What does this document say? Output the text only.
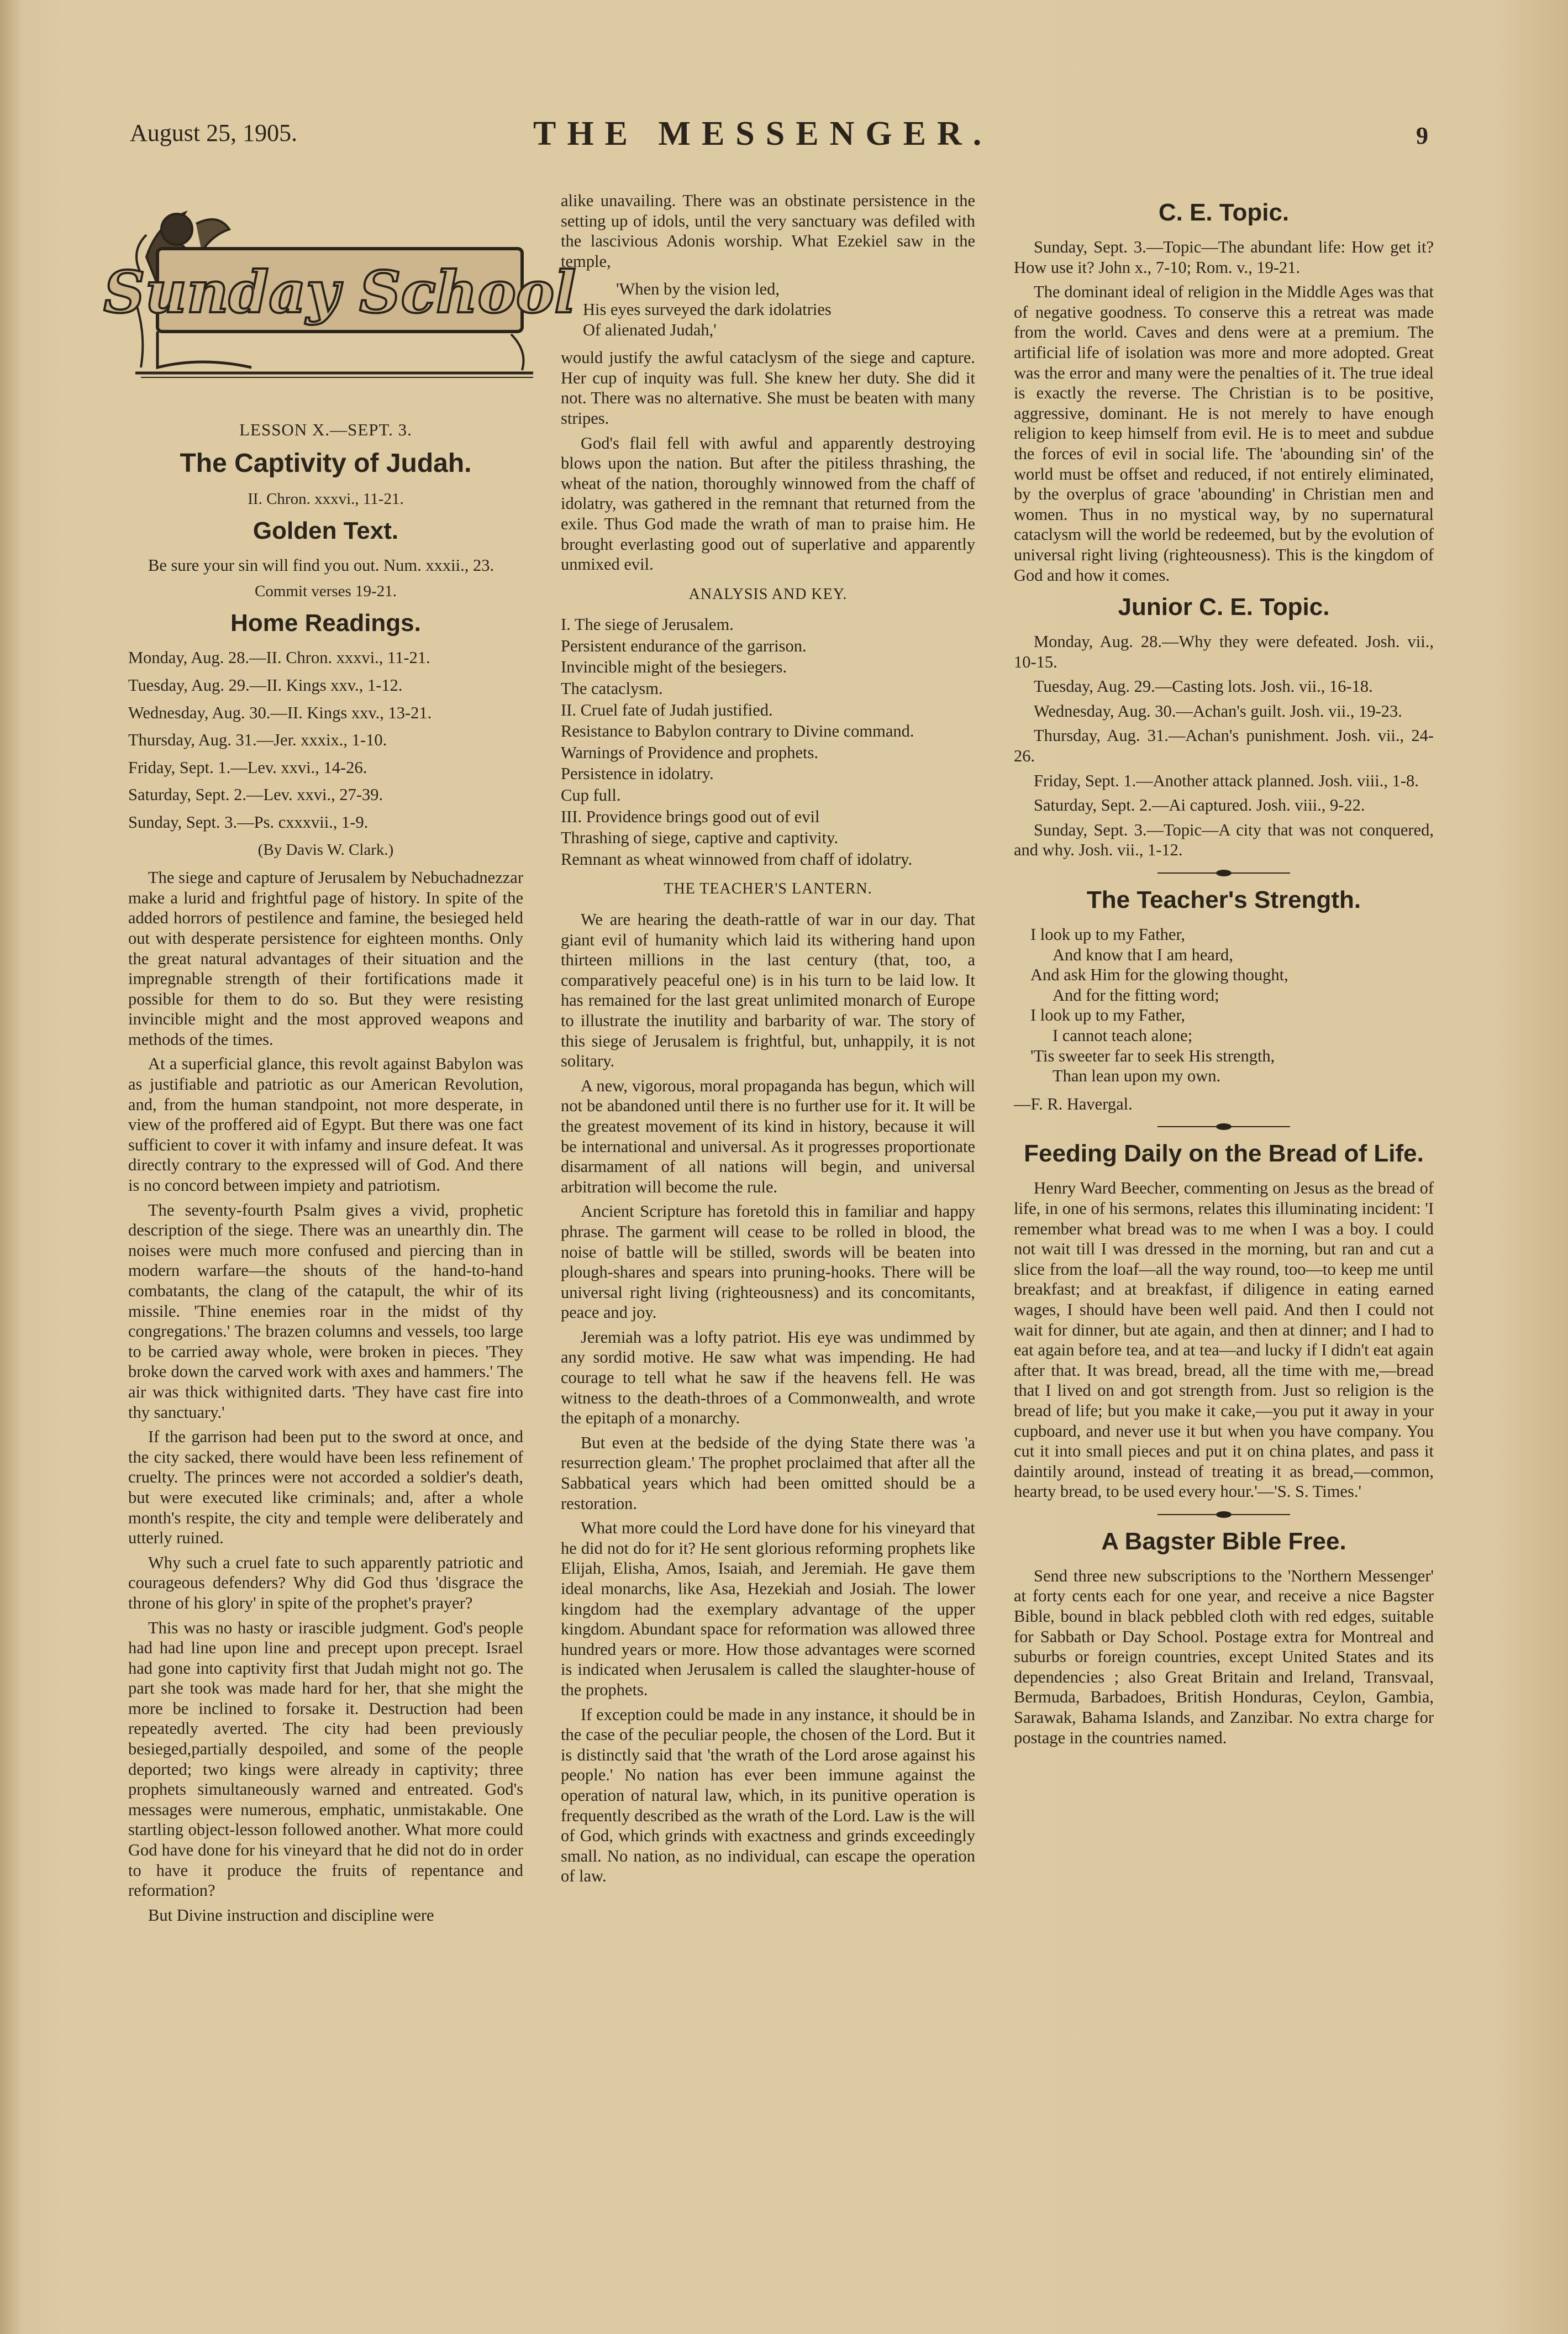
August 25, 1905.	THE MESSENGER.	9
Sunday School
LESSON X.—SEPT. 3.
The Captivity of Judah.
II. Chron. xxxvi., 11-21.
Golden Text.

Be sure your sin will find you out. Num. xxxii., 23.

Commit verses 19-21.
Home Readings.
Monday, Aug. 28.—II. Chron. xxxvi., 11-21.
Tuesday, Aug. 29.—II. Kings xxv., 1-12.
Wednesday, Aug. 30.—II. Kings xxv., 13-21.
Thursday, Aug. 31.—Jer. xxxix., 1-10.
Friday, Sept. 1.—Lev. xxvi., 14-26.
Saturday, Sept. 2.—Lev. xxvi., 27-39.
Sunday, Sept. 3.—Ps. cxxxvii., 1-9.
(By Davis W. Clark.)

The siege and capture of Jerusalem by Nebuchadnezzar make a lurid and frightful page of history. In spite of the added horrors of pestilence and famine, the besieged held out with desperate persistence for eighteen months. Only the great natural advantages of their situation and the impregnable strength of their fortifications made it possible for them to do so. But they were resisting invincible might and the most approved weapons and methods of the times.

At a superficial glance, this revolt against Babylon was as justifiable and patriotic as our American Revolution, and, from the human standpoint, not more desperate, in view of the proffered aid of Egypt. But there was one fact sufficient to cover it with infamy and insure defeat. It was directly contrary to the expressed will of God. And there is no concord between impiety and patriotism.

The seventy-fourth Psalm gives a vivid, prophetic description of the siege. There was an unearthly din. The noises were much more confused and piercing than in modern warfare—the shouts of the hand-to-hand combatants, the clang of the catapult, the whir of its missile. 'Thine enemies roar in the midst of thy congregations.' The brazen columns and vessels, too large to be carried away whole, were broken in pieces. 'They broke down the carved work with axes and hammers.' The air was thick withignited darts. 'They have cast fire into thy sanctuary.'

If the garrison had been put to the sword at once, and the city sacked, there would have been less refinement of cruelty. The princes were not accorded a soldier's death, but were executed like criminals; and, after a whole month's respite, the city and temple were deliberately and utterly ruined.

Why such a cruel fate to such apparently patriotic and courageous defenders? Why did God thus 'disgrace the throne of his glory' in spite of the prophet's prayer?

This was no hasty or irascible judgment. God's people had had line upon line and precept upon precept. Israel had gone into captivity first that Judah might not go. The part she took was made hard for her, that she might the more be inclined to forsake it. Destruction had been repeatedly averted. The city had been previously besieged,partially despoiled, and some of the people deported; two kings were already in captivity; three prophets simultaneously warned and entreated. God's messages were numerous, emphatic, unmistakable. One startling object-lesson followed another. What more could God have done for his vineyard that he did not do in order to have it produce the fruits of repentance and reformation?

But Divine instruction and discipline were

alike unavailing. There was an obstinate persistence in the setting up of idols, until the very sanctuary was defiled with the lascivious Adonis worship. What Ezekiel saw in the temple,

'When by the vision led,
His eyes surveyed the dark idolatries
Of alienated Judah,'

would justify the awful cataclysm of the siege and capture. Her cup of inquity was full. She knew her duty. She did it not. There was no alternative. She must be beaten with many stripes.

God's flail fell with awful and apparently destroying blows upon the nation. But after the pitiless thrashing, the wheat of the nation, thoroughly winnowed from the chaff of idolatry, was gathered in the remnant that returned from the exile. Thus God made the wrath of man to praise him. He brought everlasting good out of superlative and apparently unmixed evil.

ANALYSIS AND KEY.
I. The siege of Jerusalem.
Persistent endurance of the garrison.
Invincible might of the besiegers.
The cataclysm.
II. Cruel fate of Judah justified.
Resistance to Babylon contrary to Divine command.
Warnings of Providence and prophets.
Persistence in idolatry.
Cup full.
III. Providence brings good out of evil
Thrashing of siege, captive and captivity.
Remnant as wheat winnowed from chaff of idolatry.
THE TEACHER'S LANTERN.

We are hearing the death-rattle of war in our day. That giant evil of humanity which laid its withering hand upon thirteen millions in the last century (that, too, a comparatively peaceful one) is in his turn to be laid low. It has remained for the last great unlimited monarch of Europe to illustrate the inutility and barbarity of war. The story of this siege of Jerusalem is frightful, but, unhappily, it is not solitary.

A new, vigorous, moral propaganda has begun, which will not be abandoned until there is no further use for it. It will be the greatest movement of its kind in history, because it will be international and universal. As it progresses proportionate disarmament of all nations will begin, and universal arbitration will become the rule.

Ancient Scripture has foretold this in familiar and happy phrase. The garment will cease to be rolled in blood, the noise of battle will be stilled, swords will be beaten into plough-shares and spears into pruning-hooks. There will be universal right living (righteousness) and its concomitants, peace and joy.

Jeremiah was a lofty patriot. His eye was undimmed by any sordid motive. He saw what was impending. He had courage to tell what he saw if the heavens fell. He was witness to the death-throes of a Commonwealth, and wrote the epitaph of a monarchy.

But even at the bedside of the dying State there was 'a resurrection gleam.' The prophet proclaimed that after all the Sabbatical years which had been omitted should be a restoration.

What more could the Lord have done for his vineyard that he did not do for it? He sent glorious reforming prophets like Elijah, Elisha, Amos, Isaiah, and Jeremiah. He gave them ideal monarchs, like Asa, Hezekiah and Josiah. The lower kingdom had the exemplary advantage of the upper kingdom. Abundant space for reformation was allowed three hundred years or more. How those advantages were scorned is indicated when Jerusalem is called the slaughter-house of the prophets.

If exception could be made in any instance, it should be in the case of the peculiar people, the chosen of the Lord. But it is distinctly said that 'the wrath of the Lord arose against his people.' No nation has ever been immune against the operation of natural law, which, in its punitive operation is frequently described as the wrath of the Lord. Law is the will of God, which grinds with exactness and grinds exceedingly small. No nation, as no individual, can escape the operation of law.

C. E. Topic.

Sunday, Sept. 3.—Topic—The abundant life: How get it? How use it? John x., 7-10; Rom. v., 19-21.

The dominant ideal of religion in the Middle Ages was that of negative goodness. To conserve this a retreat was made from the world. Caves and dens were at a premium. The artificial life of isolation was more and more adopted. Great was the error and many were the penalties of it. The true ideal is exactly the reverse. The Christian is to be positive, aggressive, dominant. He is not merely to have enough religion to keep himself from evil. He is to meet and subdue the forces of evil in social life. The 'abounding sin' of the world must be offset and reduced, if not entirely eliminated, by the overplus of grace 'abounding' in Christian men and women. Thus in no mystical way, by no supernatural cataclysm will the world be redeemed, but by the evolution of universal right living (righteousness). This is the kingdom of God and how it comes.

Junior C. E. Topic.

Monday, Aug. 28.—Why they were defeated. Josh. vii., 10-15.

Tuesday, Aug. 29.—Casting lots. Josh. vii., 16-18.

Wednesday, Aug. 30.—Achan's guilt. Josh. vii., 19-23.

Thursday, Aug. 31.—Achan's punishment. Josh. vii., 24-26.

Friday, Sept. 1.—Another attack planned. Josh. viii., 1-8.

Saturday, Sept. 2.—Ai captured. Josh. viii., 9-22.

Sunday, Sept. 3.—Topic—A city that was not conquered, and why. Josh. vii., 1-12.

The Teacher's Strength.
I look up to my Father,
And know that I am heard,
And ask Him for the glowing thought,
And for the fitting word;
I look up to my Father,
I cannot teach alone;
'Tis sweeter far to seek His strength,
Than lean upon my own.
—F. R. Havergal.
Feeding Daily on the Bread of Life.

Henry Ward Beecher, commenting on Jesus as the bread of life, in one of his sermons, relates this illuminating incident: 'I remember what bread was to me when I was a boy. I could not wait till I was dressed in the morning, but ran and cut a slice from the loaf—all the way round, too—to keep me until breakfast; and at breakfast, if diligence in eating earned wages, I should have been well paid. And then I could not wait for dinner, but ate again, and then at dinner; and I had to eat again before tea, and at tea—and lucky if I didn't eat again after that. It was bread, bread, all the time with me,—bread that I lived on and got strength from. Just so religion is the bread of life; but you make it cake,—you put it away in your cupboard, and never use it but when you have company. You cut it into small pieces and put it on china plates, and pass it daintily around, instead of treating it as bread,—common, hearty bread, to be used every hour.'—'S. S. Times.'

A Bagster Bible Free.

Send three new subscriptions to the 'Northern Messenger' at forty cents each for one year, and receive a nice Bagster Bible, bound in black pebbled cloth with red edges, suitable for Sabbath or Day School. Postage extra for Montreal and suburbs or foreign countries, except United States and its dependencies ; also Great Britain and Ireland, Transvaal, Bermuda, Barbadoes, British Honduras, Ceylon, Gambia, Sarawak, Bahama Islands, and Zanzibar. No extra charge for postage in the countries named.
